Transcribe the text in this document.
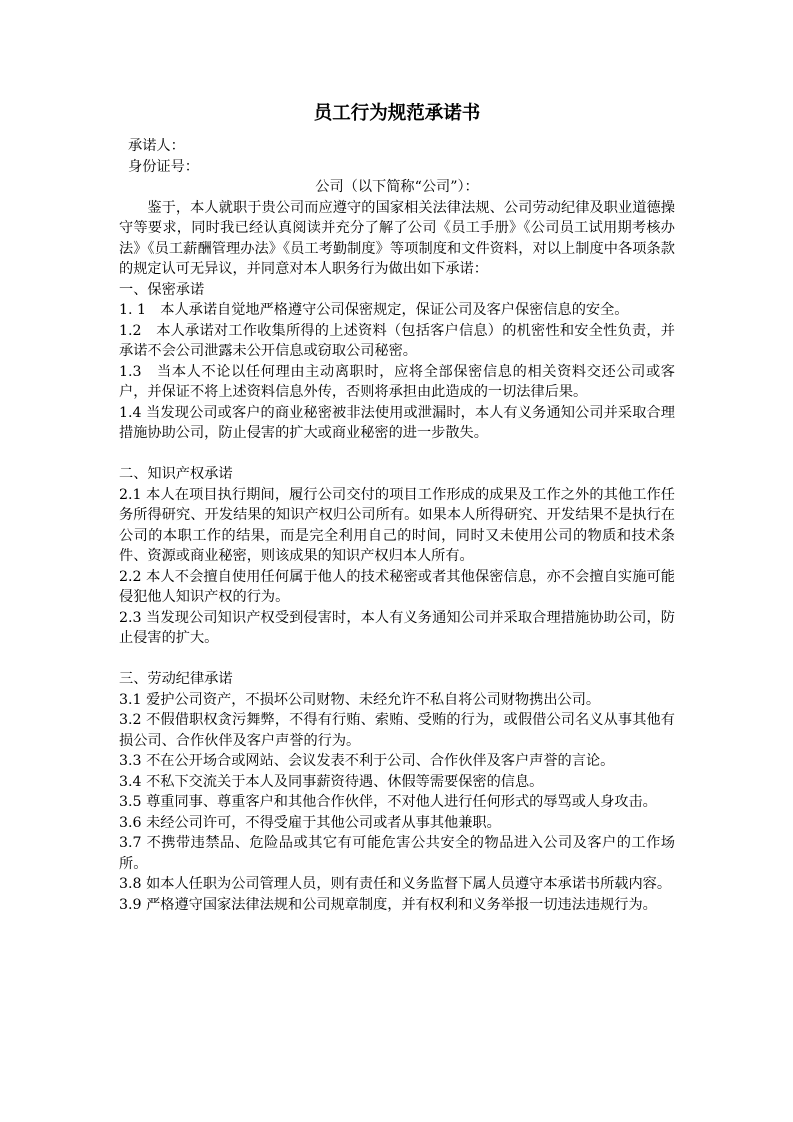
员工行为规范承诺书
承诺人：
身份证号：
公司（以下简称“公司”）：

鉴于，本人就职于贵公司而应遵守的国家相关法律法规、公司劳动纪律及职业道德操守等要求，同时我已经认真阅读并充分了解了公司《员工手册》《公司员工试用期考核办法》《员工薪酬管理办法》《员工考勤制度》等项制度和文件资料，对以上制度中各项条款的规定认可无异议，并同意对本人职务行为做出如下承诺：

一、保密承诺
1. 1　本人承诺自觉地严格遵守公司保密规定，保证公司及客户保密信息的安全。
1.2　本人承诺对工作收集所得的上述资料（包括客户信息）的机密性和安全性负责，并承诺不会公司泄露未公开信息或窃取公司秘密。
1.3　当本人不论以任何理由主动离职时，应将全部保密信息的相关资料交还公司或客户，并保证不将上述资料信息外传，否则将承担由此造成的一切法律后果。
1.4 当发现公司或客户的商业秘密被非法使用或泄漏时，本人有义务通知公司并采取合理措施协助公司，防止侵害的扩大或商业秘密的进一步散失。
二、知识产权承诺
2.1 本人在项目执行期间，履行公司交付的项目工作形成的成果及工作之外的其他工作任务所得研究、开发结果的知识产权归公司所有。如果本人所得研究、开发结果不是执行在公司的本职工作的结果，而是完全利用自己的时间，同时又未使用公司的物质和技术条件、资源或商业秘密，则该成果的知识产权归本人所有。
2.2 本人不会擅自使用任何属于他人的技术秘密或者其他保密信息，亦不会擅自实施可能侵犯他人知识产权的行为。
2.3 当发现公司知识产权受到侵害时，本人有义务通知公司并采取合理措施协助公司，防止侵害的扩大。
三、劳动纪律承诺
3.1 爱护公司资产，不损坏公司财物、未经允许不私自将公司财物携出公司。
3.2 不假借职权贪污舞弊，不得有行贿、索贿、受贿的行为，或假借公司名义从事其他有损公司、合作伙伴及客户声誉的行为。
3.3 不在公开场合或网站、会议发表不利于公司、合作伙伴及客户声誉的言论。
3.4 不私下交流关于本人及同事薪资待遇、休假等需要保密的信息。
3.5 尊重同事、尊重客户和其他合作伙伴，不对他人进行任何形式的辱骂或人身攻击。
3.6 未经公司许可，不得受雇于其他公司或者从事其他兼职。
3.7 不携带违禁品、危险品或其它有可能危害公共安全的物品进入公司及客户的工作场所。
3.8 如本人任职为公司管理人员，则有责任和义务监督下属人员遵守本承诺书所载内容。
3.9 严格遵守国家法律法规和公司规章制度，并有权利和义务举报一切违法违规行为。
